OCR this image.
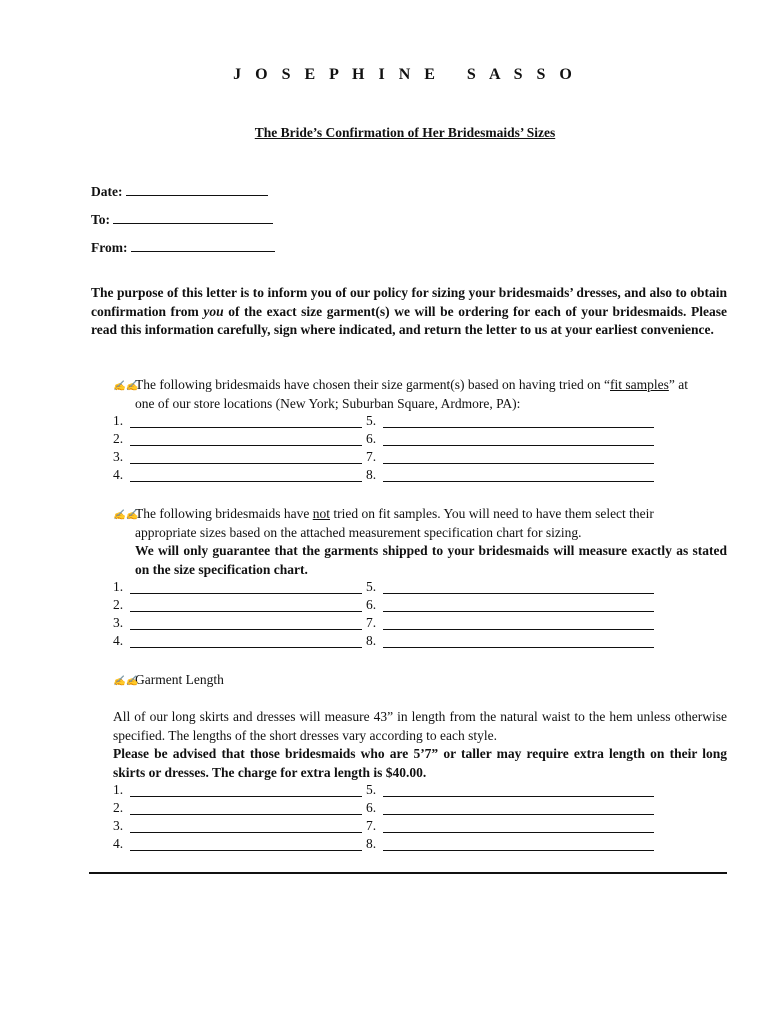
J O S E P H I N E   S A S S O
The Bride’s Confirmation of Her Bridesmaids’ Sizes
Date:
To:
From:
The purpose of this letter is to inform you of our policy for sizing your bridesmaids’ dresses, and also to obtain confirmation from you of the exact size garment(s) we will be ordering for each of your bridesmaids. Please read this information carefully, sign where indicated, and return the letter to us at your earliest convenience.
✍✍
The following bridesmaids have chosen their size garment(s) based on having tried on “fit samples” at
one of our store locations (New York; Suburban Square, Ardmore, PA):
1.	5.
2.	6.
3.	7.
4.	8.
✍✍
The following bridesmaids have not tried on fit samples. You will need to have them select their
appropriate sizes based on the attached measurement specification chart for sizing.
We will only guarantee that the garments shipped to your bridesmaids will measure exactly as stated on the size specification chart.
1.	5.
2.	6.
3.	7.
4.	8.
✍✍
Garment Length
All of our long skirts and dresses will measure 43” in length from the natural waist to the hem unless otherwise specified. The lengths of the short dresses vary according to each style.
Please be advised that those bridesmaids who are 5’7” or taller may require extra length on their long skirts or dresses. The charge for extra length is $40.00.
1.	5.
2.	6.
3.	7.
4.	8.
